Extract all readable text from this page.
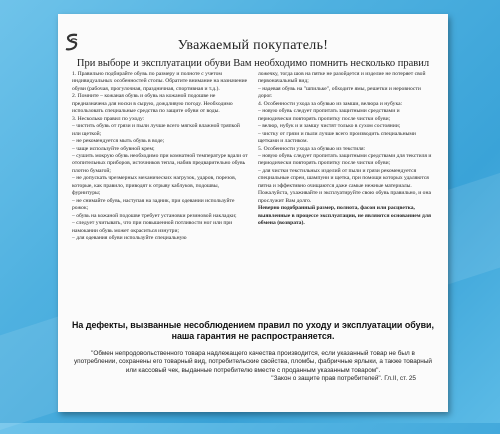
Уважаемый покупатель!
При выборе и эксплуатации обуви Вам необходимо помнить несколько правил

1. Правильно подбирайте обувь по размеру и полноте с учетом индивидуальных особенностей стопы. Обратите внимание на назначение обуви (рабочая, прогулочная, праздничная, спортивная и т.д.).

2. Помните – кожаная обувь и обувь на кожаной подошве не предназначена для носки в сырую, дождливую погоду. Необходимо использовать специальные средства по защите обуви от воды.

3. Несколько правил по уходу:

– чистить обувь от грязи и пыли лучше всего мягкой влажной тряпкой или щеткой;

– не рекомендуется мыть обувь в воде;

– чаще используйте обувной крем;

– сушить мокрую обувь необходимо при комнатной температуре вдали от отопительных приборов, источников тепла, набив предварительно обувь плотно бумагой;

– не допускать чрезмерных механических нагрузок, ударов, порезов, которые, как правило, приводят к отрыву каблуков, подошвы, фурнитуры;

– не снимайте обувь, наступая на задник, при одевании используйте рожок;

– обувь на кожаной подошве требует установки резиновой накладки;

– следует учитывать, что при повышенной потливости ног или при намокании обувь может окраситься изнутри;

– для одевания обуви используйте специальную

ложечку, тогда шов на пятке не разойдется и изделие не потеряет свой первоначальный вид;

– надевая обувь на "шпильке", обходите ямы, решетки и неровности дорог.

4. Особенности ухода за обувью из замши, велюра и нубука:

– новую обувь следует пропитать защитными средствами и периодически повторять пропитку после чистки обуви;

– велюр, нубук и и замшу чистят только в сухом состоянии;

– чистку от грязи и пыли лучше всего производить специальными щетками и ластиком.

5. Особенности ухода за обувью из текстиля:

– новую обувь следует пропитать защитными средствами для текстиля и периодически повторять пропитку после чистки обуви;

– для чистки текстильных изделий от пыли и грязи рекомендуется специальные спреи, шампуни и щетка, при помощи которых удаляются пятна и эффективно очищаются даже самые нежные материалы.

Пожалуйста, ухаживайте и эксплуатируйте свою обувь правильно, и она прослужит Вам долго.

Неверно подобранный размер, полнота, фасон или расцветка, выявленные в процессе эксплуатации, не являются основанием для обмена (возврата).

На дефекты, вызванные несоблюдением правил по уходу и эксплуатации обуви, наша гарантия не распространяется.

"Обмен непродовольственного товара надлежащего качества производится, если указанный товар не был в употреблении, сохранены его товарный вид, потребительские свойства, пломбы, фабричные ярлыки, а также товарный или кассовый чек, выданные потребителю вместе с проданным указанным товаром".

"Закон о защите прав потребителей". Гл.II, ст. 25
